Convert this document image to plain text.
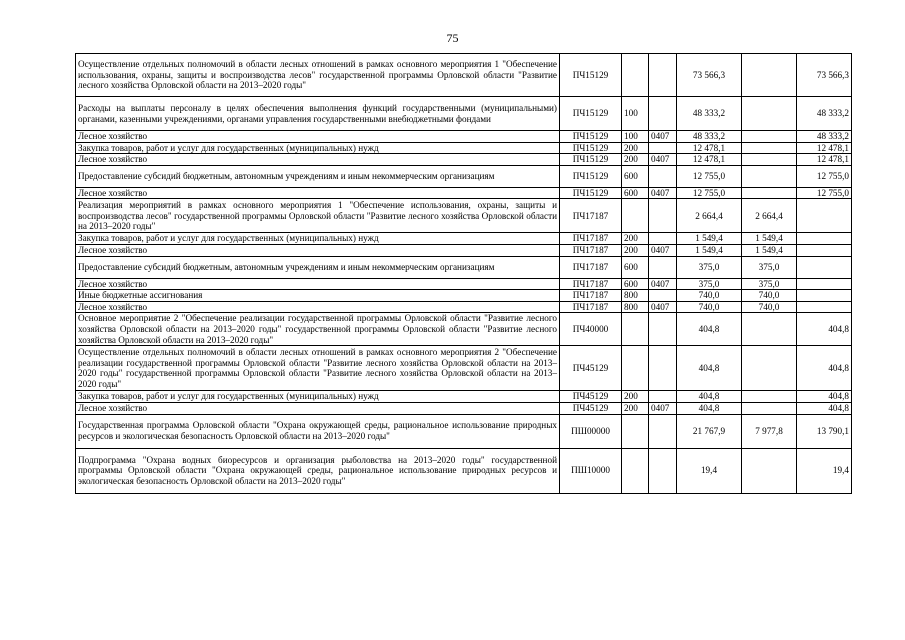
75
Осуществление отдельных полномочий в области лесных отношений в рамках основного мероприятия 1 "Обеспечение использования, охраны, защиты и воспроизводства лесов" государственной программы Орловской области "Развитие лесного хозяйства Орловской области на 2013–2020 годы"	ПЧ15129			73 566,3		73 566,3
Расходы на выплаты персоналу в целях обеспечения выполнения функций государственными (муниципальными) органами, казенными учреждениями, органами управления государственными внебюджетными фондами	ПЧ15129	100		48 333,2		48 333,2
Лесное хозяйство	ПЧ15129	100	0407	48 333,2		48 333,2
Закупка товаров, работ и услуг для государственных (муниципальных) нужд	ПЧ15129	200		12 478,1		12 478,1
Лесное хозяйство	ПЧ15129	200	0407	12 478,1		12 478,1
Предоставление субсидий бюджетным, автономным учреждениям и иным некоммерческим организациям	ПЧ15129	600		12 755,0		12 755,0
Лесное хозяйство	ПЧ15129	600	0407	12 755,0		12 755,0
Реализация мероприятий в рамках основного мероприятия 1 "Обеспечение использования, охраны, защиты и воспроизводства лесов" государственной программы Орловской области "Развитие лесного хозяйства Орловской области на 2013–2020 годы"	ПЧ17187			2 664,4	2 664,4	
Закупка товаров, работ и услуг для государственных (муниципальных) нужд	ПЧ17187	200		1 549,4	1 549,4	
Лесное хозяйство	ПЧ17187	200	0407	1 549,4	1 549,4	
Предоставление субсидий бюджетным, автономным учреждениям и иным некоммерческим организациям	ПЧ17187	600		375,0	375,0	
Лесное хозяйство	ПЧ17187	600	0407	375,0	375,0	
Иные бюджетные ассигнования	ПЧ17187	800		740,0	740,0	
Лесное хозяйство	ПЧ17187	800	0407	740,0	740,0	
Основное мероприятие 2 "Обеспечение реализации государственной программы Орловской области "Развитие лесного хозяйства Орловской области на 2013–2020 годы" государственной программы Орловской области "Развитие лесного хозяйства Орловской области на 2013–2020 годы"	ПЧ40000			404,8		404,8
Осуществление отдельных полномочий в области лесных отношений в рамках основного мероприятия 2 "Обеспечение реализации государственной программы Орловской области "Развитие лесного хозяйства Орловской области на 2013–2020 годы" государственной программы Орловской области "Развитие лесного хозяйства Орловской области на 2013–2020 годы"	ПЧ45129			404,8		404,8
Закупка товаров, работ и услуг для государственных (муниципальных) нужд	ПЧ45129	200		404,8		404,8
Лесное хозяйство	ПЧ45129	200	0407	404,8		404,8
Государственная программа Орловской области "Охрана окружающей среды, рациональное использование природных ресурсов и экологическая безопасность Орловской области на 2013–2020 годы"	ПШ00000			21 767,9	7 977,8	13 790,1
Подпрограмма "Охрана водных биоресурсов и организация рыболовства на 2013–2020 годы" государственной программы Орловской области "Охрана окружающей среды, рациональное использование природных ресурсов и экологическая безопасность Орловской области на 2013–2020 годы"	ПШ10000			19,4		19,4
